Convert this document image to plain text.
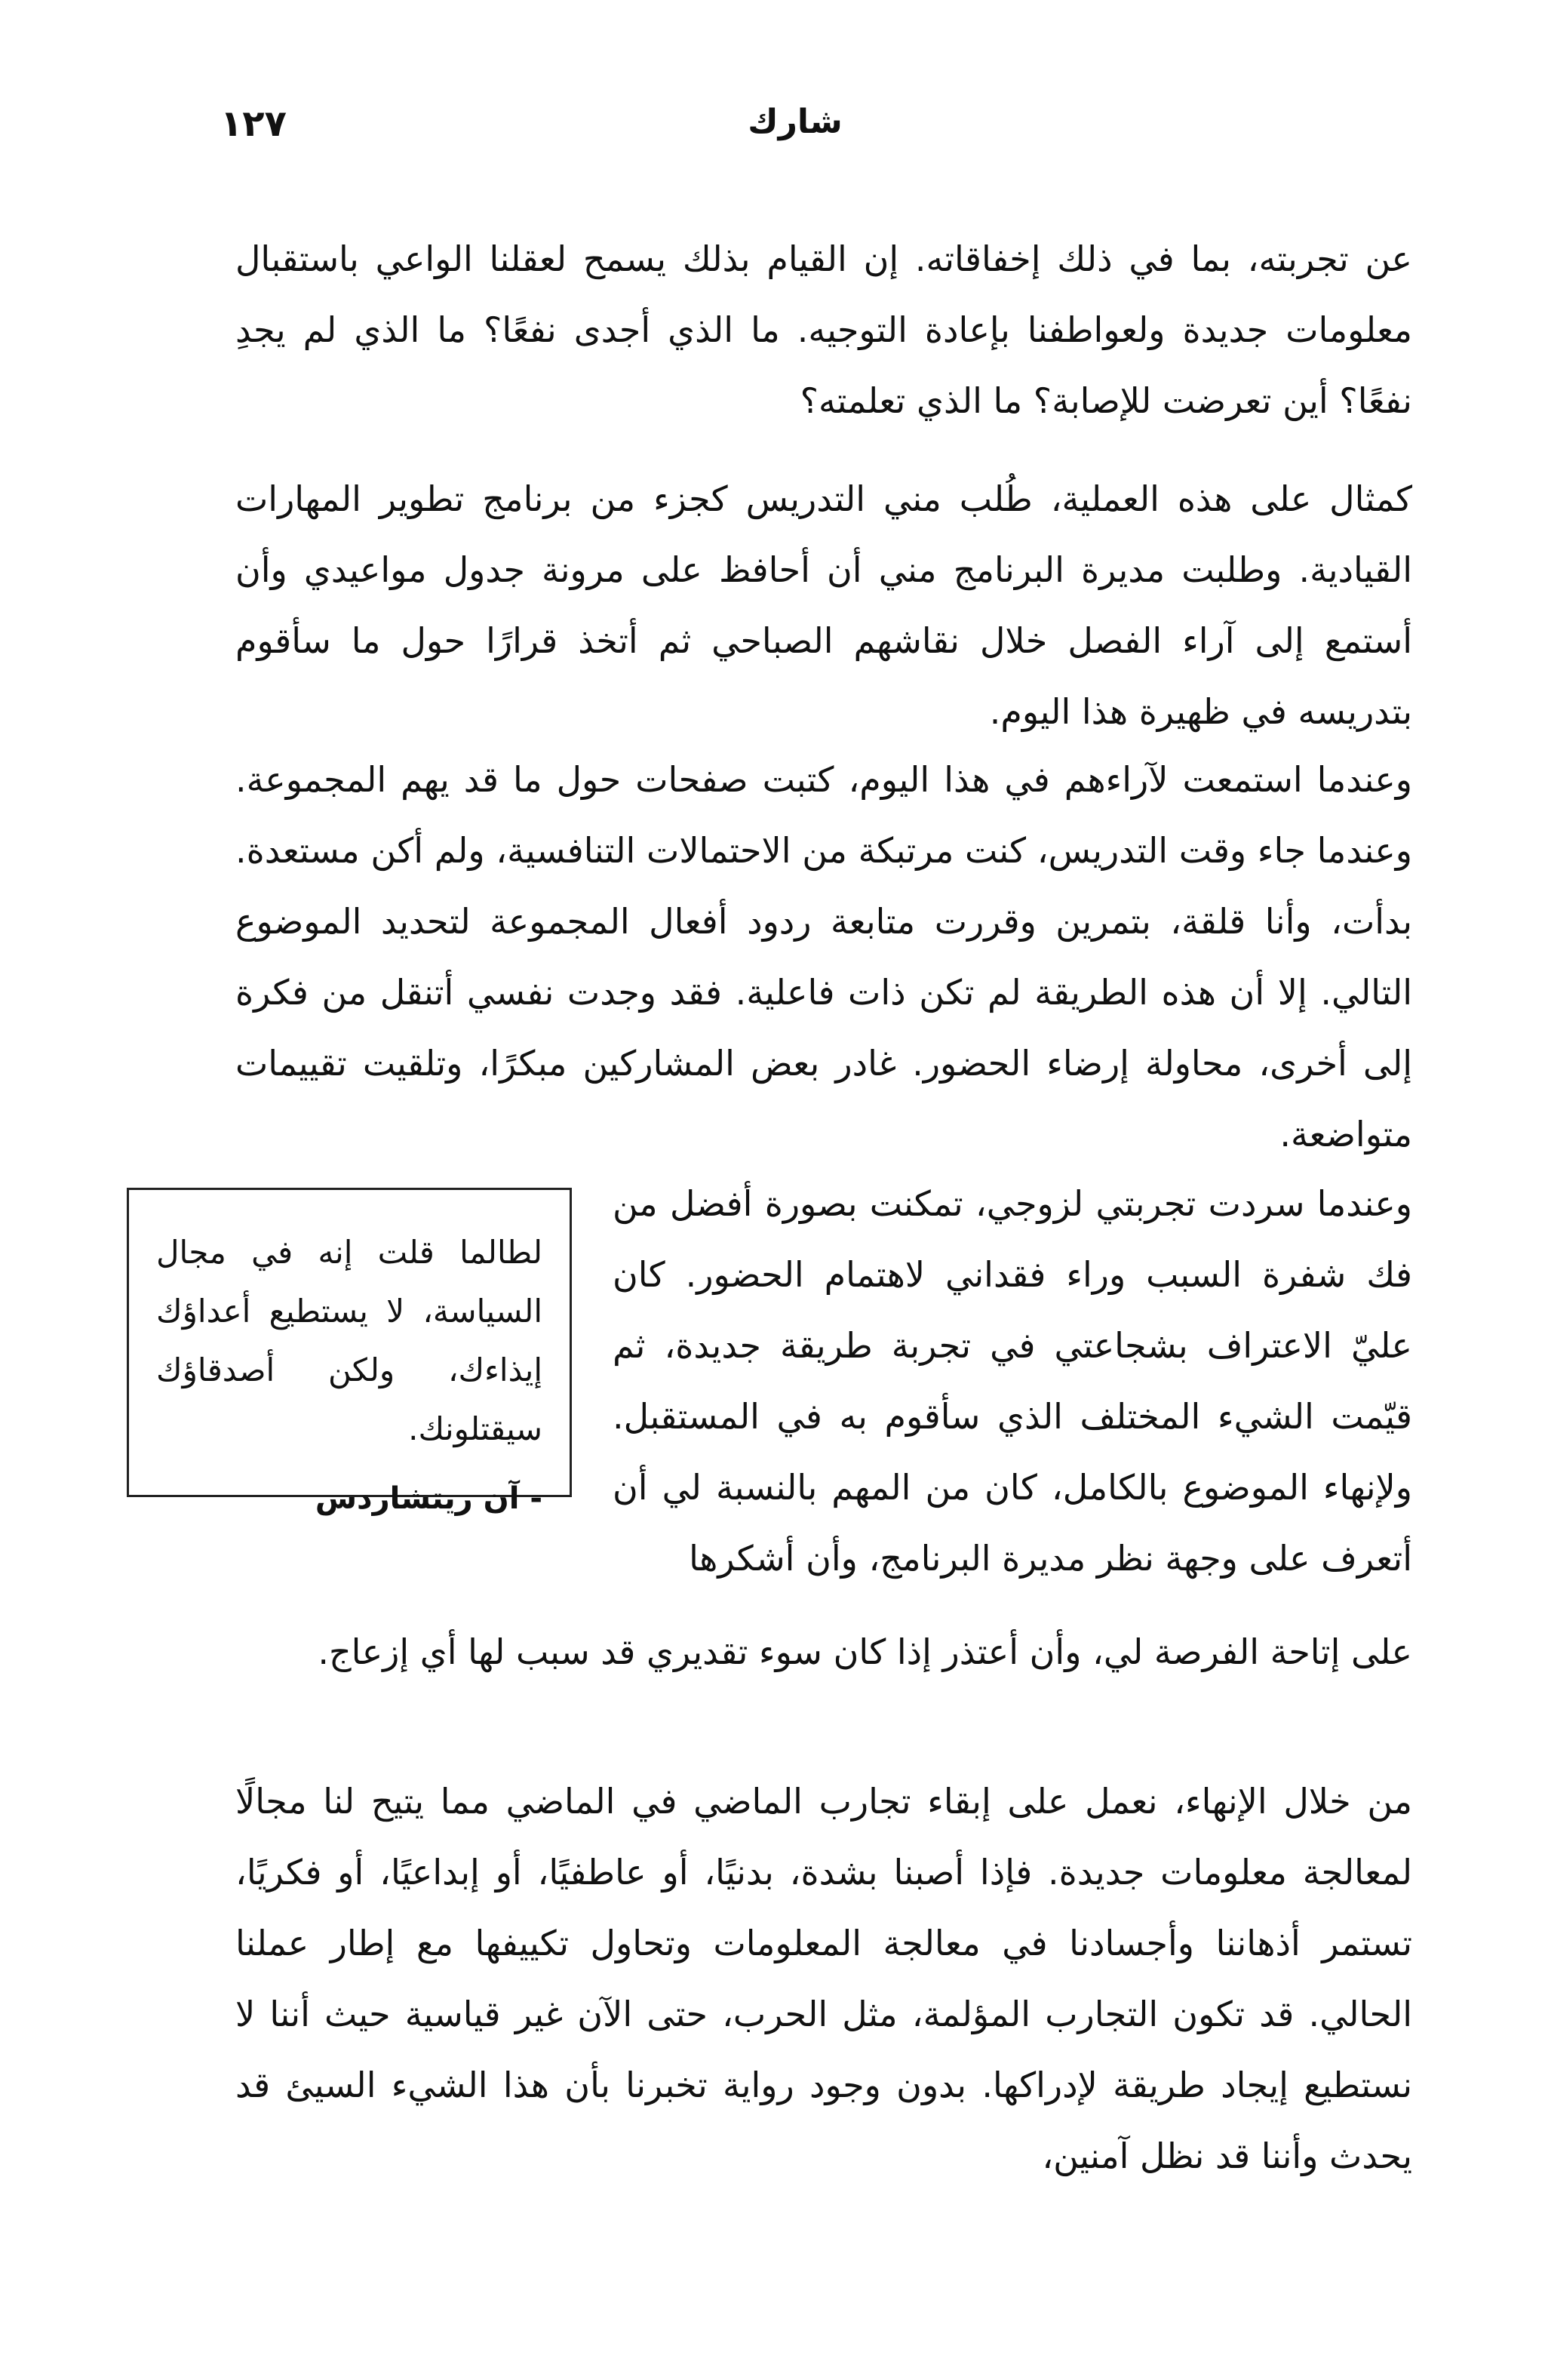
١٢٧	شارك

عن تجربته، بما في ذلك إخفاقاته. إن القيام بذلك يسمح لعقلنا الواعي باستقبال معلومات جديدة ولعواطفنا بإعادة التوجيه. ما الذي أجدى نفعًا؟ ما الذي لم يجدِ نفعًا؟ أين تعرضت للإصابة؟ ما الذي تعلمته؟

كمثال على هذه العملية، طُلب مني التدريس كجزء من برنامج تطوير المهارات القيادية. وطلبت مديرة البرنامج مني أن أحافظ على مرونة جدول مواعيدي وأن أستمع إلى آراء الفصل خلال نقاشهم الصباحي ثم أتخذ قرارًا حول ما سأقوم بتدريسه في ظهيرة هذا اليوم.

وعندما استمعت لآراءهم في هذا اليوم، كتبت صفحات حول ما قد يهم المجموعة. وعندما جاء وقت التدريس، كنت مرتبكة من الاحتمالات التنافسية، ولم أكن مستعدة. بدأت، وأنا قلقة، بتمرين وقررت متابعة ردود أفعال المجموعة لتحديد الموضوع التالي. إلا أن هذه الطريقة لم تكن ذات فاعلية. فقد وجدت نفسي أتنقل من فكرة إلى أخرى، محاولة إرضاء الحضور. غادر بعض المشاركين مبكرًا، وتلقيت تقييمات متواضعة.

وعندما سردت تجربتي لزوجي، تمكنت بصورة أفضل من فك شفرة السبب وراء فقداني لاهتمام الحضور. كان عليّ الاعتراف بشجاعتي في تجربة طريقة جديدة، ثم قيّمت الشيء المختلف الذي سأقوم به في المستقبل. ولإنهاء الموضوع بالكامل، كان من المهم بالنسبة لي أن أتعرف على وجهة نظر مديرة البرنامج، وأن أشكرها

على إتاحة الفرصة لي، وأن أعتذر إذا كان سوء تقديري قد سبب لها أي إزعاج.

من خلال الإنهاء، نعمل على إبقاء تجارب الماضي في الماضي مما يتيح لنا مجالًا لمعالجة معلومات جديدة. فإذا أصبنا بشدة، بدنيًا، أو عاطفيًا، أو إبداعيًا، أو فكريًا، تستمر أذهاننا وأجسادنا في معالجة المعلومات وتحاول تكييفها مع إطار عملنا الحالي. قد تكون التجارب المؤلمة، مثل الحرب، حتى الآن غير قياسية حيث أننا لا نستطيع إيجاد طريقة لإدراكها. بدون وجود رواية تخبرنا بأن هذا الشيء السيئ قد يحدث وأننا قد نظل آمنين،

لطالما قلت إنه في مجال السياسة، لا يستطيع أعداؤك إيذاءك، ولكن أصدقاؤك سيقتلونك.
- آن ريتشاردس
